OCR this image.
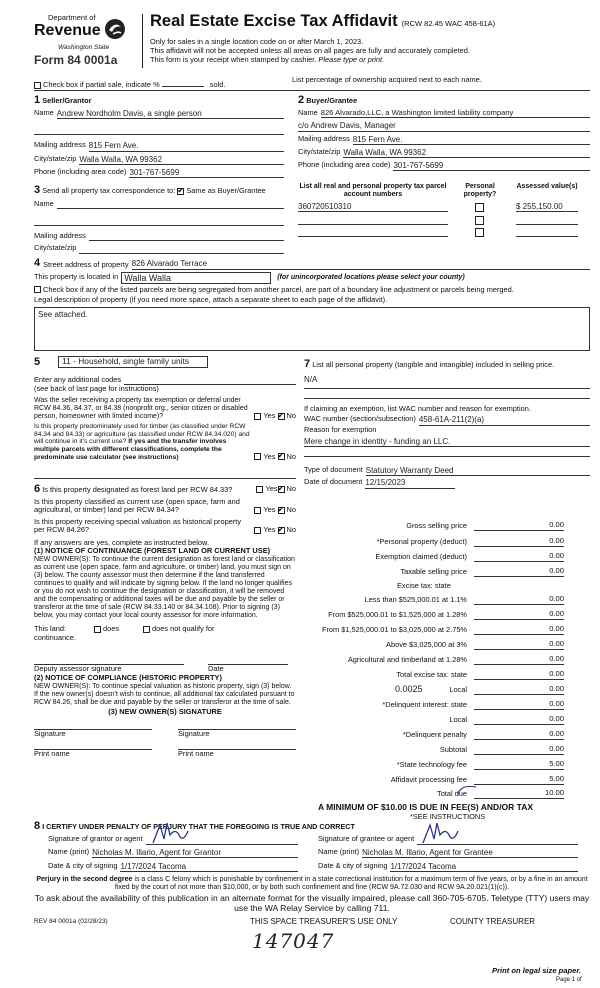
Department of
Revenue
Washington State
Form 84 0001a
Real Estate Excise Tax Affidavit (RCW 82.45 WAC 458-61A)
Only for sales in a single location code on or after March 1, 2023.
This affidavit will not be accepted unless all areas on all pages are fully and accurately completed.
This form is your receipt when stamped by cashier. Please type or print.
Check box if partial sale, indicate %	sold.
List percentage of ownership acquired next to each name.
1 Seller/Grantor
Name Andrew Nordholm Davis, a single person

Mailing address 815 Fern Ave.
City/state/zip Walla Walla, WA 99362
Phone (including area code) 301-767-5699
2 Buyer/Grantee
Name 826 Alvarado,LLC, a Washington limited liability company
c/o Andrew Davis, Manager
Mailing address 815 Fern Ave.
City/state/zip Walla Walla, WA 99362
Phone (including area code) 301-767-5699
3 Send all property tax correspondence to: ✔ Same as Buyer/Grantee
Name

Mailing address

City/state/zip

List all real and personal property tax parcel account numbers
Personal property?
Assessed value(s)
360720510310	$ 255,150.00

4 Street address of property 826 Alvarado Terrace
This property is located in Walla Walla	(for unincorporated locations please select your county)
Check box if any of the listed parcels are being segregated from another parcel, are part of a boundary line adjustment or parcels being merged.
Legal description of property (if you need more space, attach a separate sheet to each page of the affidavit).
See attached.
5	11 - Household, single family units
Enter any additional codes

(see back of last page for instructions)
Was the seller receiving a property tax exemption or deferral under RCW 84.36, 84.37, or 84.38 (nonprofit org., senior citizen or disabled person, homeowner with limited income)?	Yes ✔ No
Is this property predominately used for timber (as classified under RCW 84.34 and 84.33) or agriculture (as classified under RCW 84.34.020) and will continue in it's current use? If yes and the transfer involves multiple parcels with different classifications, complete the predominate use calculator (see instructions)	Yes ✔ No
6 Is this property designated as forest land per RCW 84.33?	Yes ✔ No
Is this property classified as current use (open space, farm and agricultural, or timber) land per RCW 84.34?	Yes ✔ No
Is this property receiving special valuation as historical property per RCW 84.26?	Yes ✔ No
If any answers are yes, complete as instructed below.
(1) NOTICE OF CONTINUANCE (FOREST LAND OR CURRENT USE)
NEW OWNER(S): To continue the current designation as forest land or classification as current use (open space, farm and agriculture, or timber) land, you must sign on (3) below. The county assessor must then determine if the land transferred continues to qualify and will indicate by signing below. If the land no longer qualifies or you do not wish to continue the designation or classification, it will be removed and the compensating or additional taxes will be due and payable by the seller or transferor at the time of sale (RCW 84.33.140 or 84.34.108). Prior to signing (3) below, you may contact your local county assessor for more information.
This land:	does	does not qualify for
continuance.

Deputy assessor signature
	Date
(2) NOTICE OF COMPLIANCE (HISTORIC PROPERTY)
NEW OWNER(S): To continue special valuation as historic property, sign (3) below. If the new owner(s) doesn't wish to continue, all additional tax calculated pursuant to RCW 84.26, shall be due and payable by the seller or transferor at the time of sale.
(3) NEW OWNER(S) SIGNATURE

Signature
	Signature

Print name
	Print name
7 List all personal property (tangible and intangible) included in selling price.
N/A
If claiming an exemption, list WAC number and reason for exemption.
WAC number (section/subsection) 458-61A-211(2)(a)
Reason for exemption
Mere change in identity - funding an LLC.
Type of document Statutory Warranty Deed
Date of document 12/15/2023
Gross selling price	0.00
*Personal property (deduct)	0.00
Exemption claimed (deduct)	0.00
Taxable selling price	0.00
Excise tax: state
Less than $525,000.01 at 1.1%	0.00
From $525,000.01 to $1,525,000 at 1.28%	0.00
From $1,525,000.01 to $3,025,000 at 2.75%	0.00
Above $3,025,000 at 3%	0.00
Agricultural and timberland at 1.28%	0.00
Total excise tax: state	0.00
0.0025	Local	0.00
*Delinquent interest: state	0.00
Local	0.00
*Delinquent penalty	0.00
Subtotal	0.00
*State technology fee	5.00
Affidavit processing fee	5.00
Total due	10.00
A MINIMUM OF $10.00 IS DUE IN FEE(S) AND/OR TAX
*SEE INSTRUCTIONS
8 I CERTIFY UNDER PENALTY OF PERJURY THAT THE FOREGOING IS TRUE AND CORRECT
Signature of grantor or agent

Name (print) Nicholas M. Illario, Agent for Grantor
Date & city of signing 1/17/2024 Tacoma
Signature of grantee or agent

Name (print) Nicholas M. Illario, Agent for Grantee
Date & city of signing 1/17/2024 Tacoma
Perjury in the second degree is a class C felony which is punishable by confinement in a state correctional institution for a maximum term of five years, or by a fine in an amount fixed by the court of not more than $10,000, or by both such confinement and fine (RCW 9A.72.030 and RCW 9A.20.021(1)(c)).
To ask about the availability of this publication in an alternate format for the visually impaired, please call 360-705-6705. Teletype (TTY) users may use the WA Relay Service by calling 711.
REV 84 0001a (02/28/23)	THIS SPACE TREASURER'S USE ONLY	COUNTY TREASURER
147047
Print on legal size paper.
Page 1 of
